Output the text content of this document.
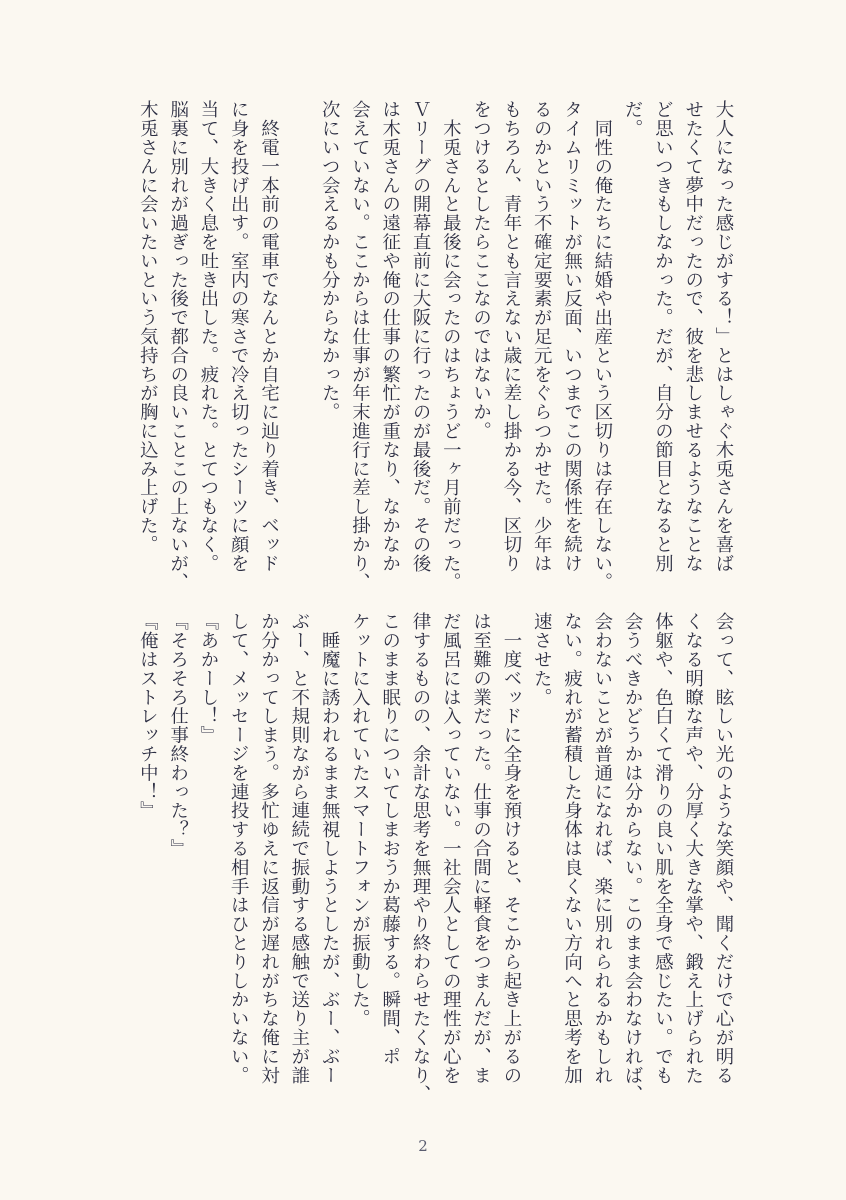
大人になった感じがする！」とはしゃぐ木兎さんを喜ば
せたくて夢中だったので、彼を悲しませるようなことな
ど思いつきもしなかった。だが、自分の節目となると別
だ。
　同性の俺たちに結婚や出産という区切りは存在しない。
タイムリミットが無い反面、いつまでこの関係性を続け
るのかという不確定要素が足元をぐらつかせた。少年は
もちろん、青年とも言えない歳に差し掛かる今、区切り
をつけるとしたらここなのではないか。
　木兎さんと最後に会ったのはちょうど一ヶ月前だった。
Ｖリーグの開幕直前に大阪に行ったのが最後だ。その後
は木兎さんの遠征や俺の仕事の繁忙が重なり、なかなか
会えていない。ここからは仕事が年末進行に差し掛かり、
次にいつ会えるかも分からなかった。

　終電一本前の電車でなんとか自宅に辿り着き、ベッド
に身を投げ出す。室内の寒さで冷え切ったシーツに顔を
当て、大きく息を吐き出した。疲れた。とてつもなく。
脳裏に別れが過ぎった後で都合の良いことこの上ないが、
木兎さんに会いたいという気持ちが胸に込み上げた。
会って、眩しい光のような笑顔や、聞くだけで心が明る
くなる明瞭な声や、分厚く大きな掌や、鍛え上げられた
体躯や、色白くて滑りの良い肌を全身で感じたい。でも
会うべきかどうかは分からない。このまま会わなければ、
会わないことが普通になれば、楽に別れられるかもしれ
ない。疲れが蓄積した身体は良くない方向へと思考を加
速させた。
　一度ベッドに全身を預けると、そこから起き上がるの
は至難の業だった。仕事の合間に軽食をつまんだが、ま
だ風呂には入っていない。一社会人としての理性が心を
律するものの、余計な思考を無理やり終わらせたくなり、
このまま眠りについてしまおうか葛藤する。瞬間、ポ
ケットに入れていたスマートフォンが振動した。
　睡魔に誘われるまま無視しようとしたが、ぶー、ぶー
ぶー、と不規則ながら連続で振動する感触で送り主が誰
か分かってしまう。多忙ゆえに返信が遅れがちな俺に対
して、メッセージを連投する相手はひとりしかいない。
『あかーし！』
『そろそろ仕事終わった？』
『俺はストレッチ中！』
2
